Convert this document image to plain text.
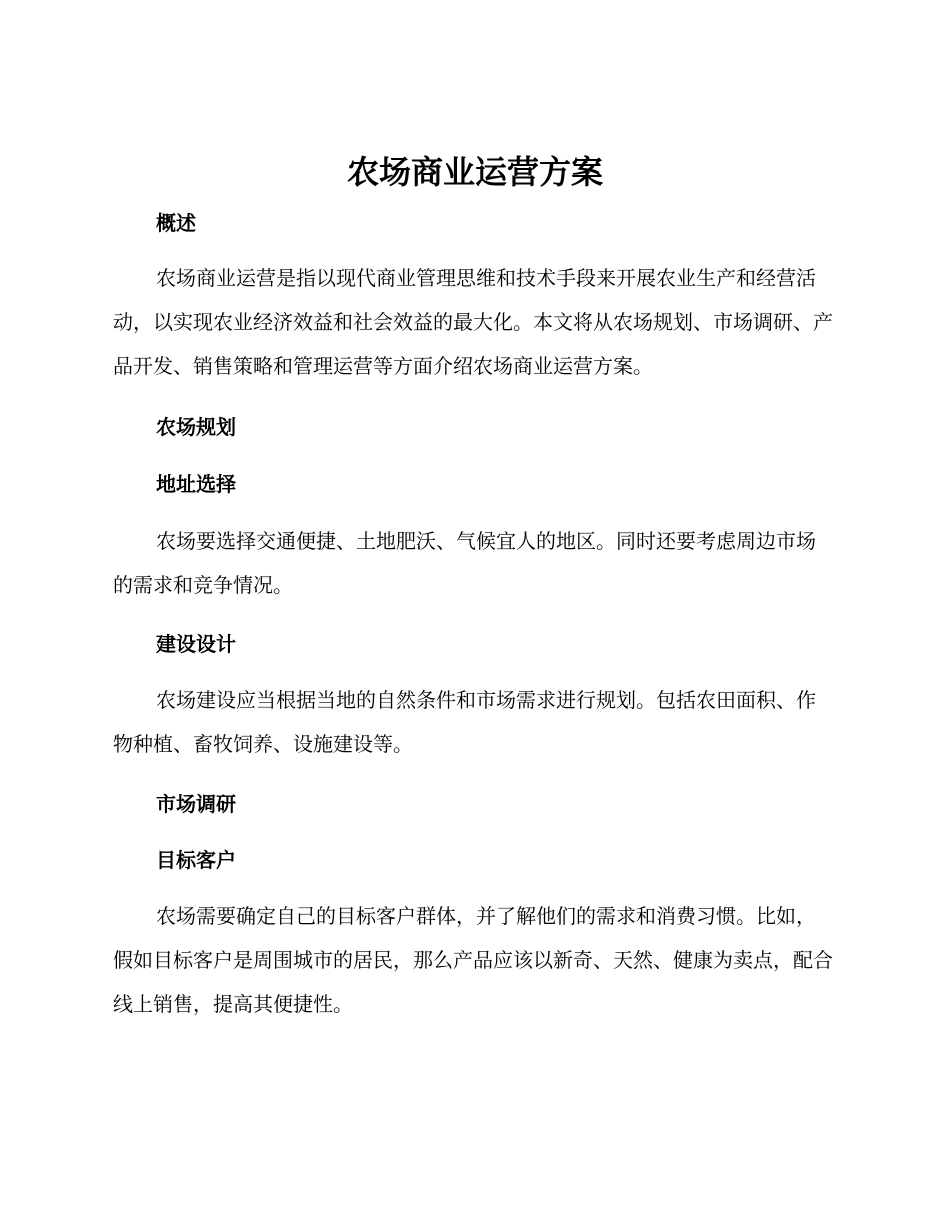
农场商业运营方案
概述

农场商业运营是指以现代商业管理思维和技术手段来开展农业生产和经营活动，以实现农业经济效益和社会效益的最大化。本文将从农场规划、市场调研、产品开发、销售策略和管理运营等方面介绍农场商业运营方案。

农场规划
地址选择

农场要选择交通便捷、土地肥沃、气候宜人的地区。同时还要考虑周边市场的需求和竞争情况。

建设设计

农场建设应当根据当地的自然条件和市场需求进行规划。包括农田面积、作物种植、畜牧饲养、设施建设等。

市场调研
目标客户

农场需要确定自己的目标客户群体，并了解他们的需求和消费习惯。比如，假如目标客户是周围城市的居民，那么产品应该以新奇、天然、健康为卖点，配合线上销售，提高其便捷性。
